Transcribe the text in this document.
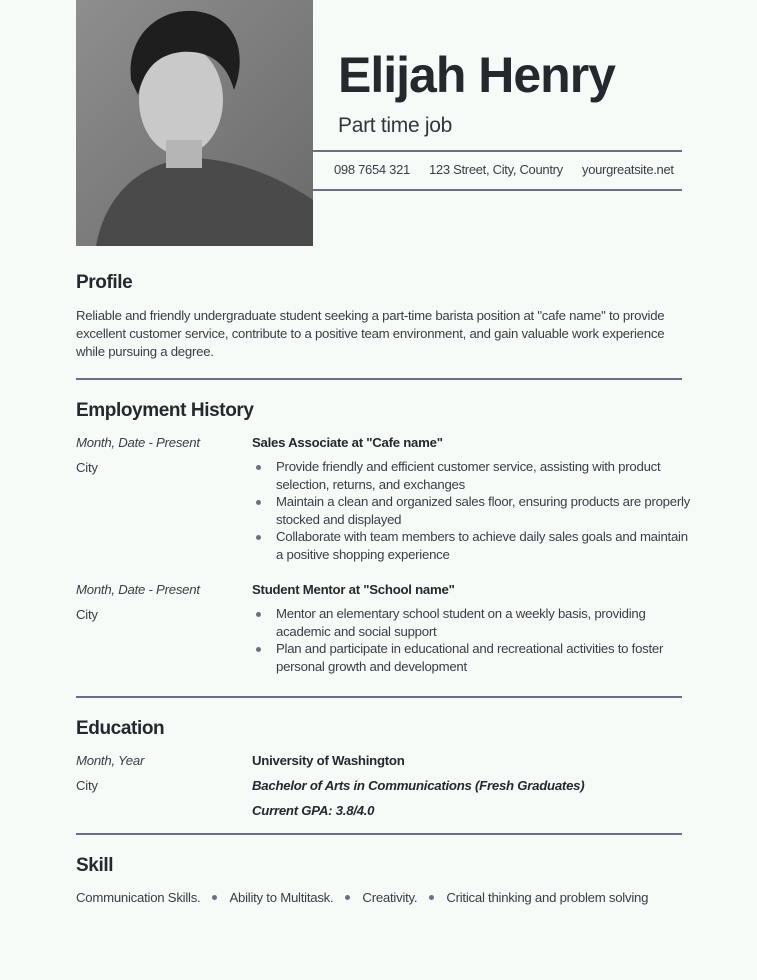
Elijah Henry
Part time job
098 7654 321 123 Street, City, Country yourgreatsite.net
Profile
Reliable and friendly undergraduate student seeking a part-time barista position at "cafe name" to provide excellent customer service, contribute to a positive team environment, and gain valuable work experience while pursuing a degree.
Employment History
Month, Date - Present
City
Sales Associate at "Cafe name"
Provide friendly and efficient customer service, assisting with product selection, returns, and exchanges
Maintain a clean and organized sales floor, ensuring products are properly stocked and displayed
Collaborate with team members to achieve daily sales goals and maintain a positive shopping experience
Month, Date - Present
City
Student Mentor at "School name"
Mentor an elementary school student on a weekly basis, providing academic and social support
Plan and participate in educational and recreational activities to foster personal growth and development
Education
Month, Year
City
University of Washington
Bachelor of Arts in Communications (Fresh Graduates)
Current GPA: 3.8/4.0
Skill
Communication Skills. Ability to Multitask. Creativity. Critical thinking and problem solving
